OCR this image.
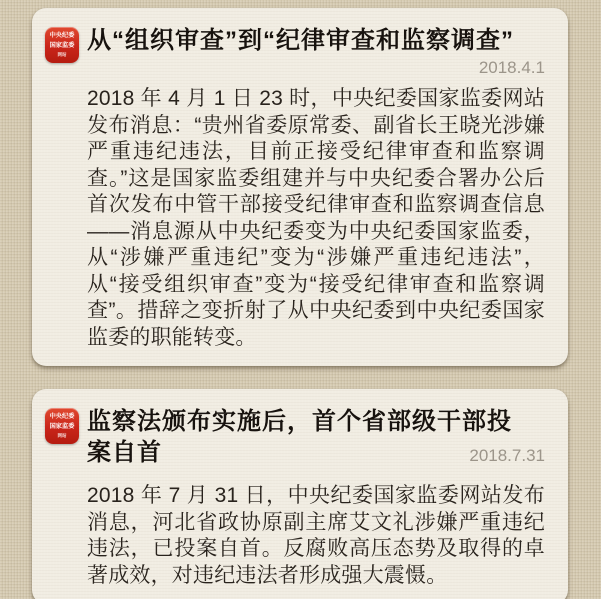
中央纪委
国家监委
网站
从“组织审查”到“纪律审查和监察调查”
2018.4.1
2018 年 4 月 1 日 23 时，中央纪委国家监委网站发布消息：“贵州省委原常委、副省长王晓光涉嫌严重违纪违法，目前正接受纪律审查和监察调查。”这是国家监委组建并与中央纪委合署办公后首次发布中管干部接受纪律审查和监察调查信息——消息源从中央纪委变为中央纪委国家监委，从“涉嫌严重违纪”变为“涉嫌严重违纪违法”，从“接受组织审查”变为“接受纪律审查和监察调查”。措辞之变折射了从中央纪委到中央纪委国家监委的职能转变。
中央纪委
国家监委
网站
监察法颁布实施后，首个省部级干部投案自首	2018.7.31
2018 年 7 月 31 日，中央纪委国家监委网站发布消息，河北省政协原副主席艾文礼涉嫌严重违纪违法，已投案自首。反腐败高压态势及取得的卓著成效，对违纪违法者形成强大震慑。
